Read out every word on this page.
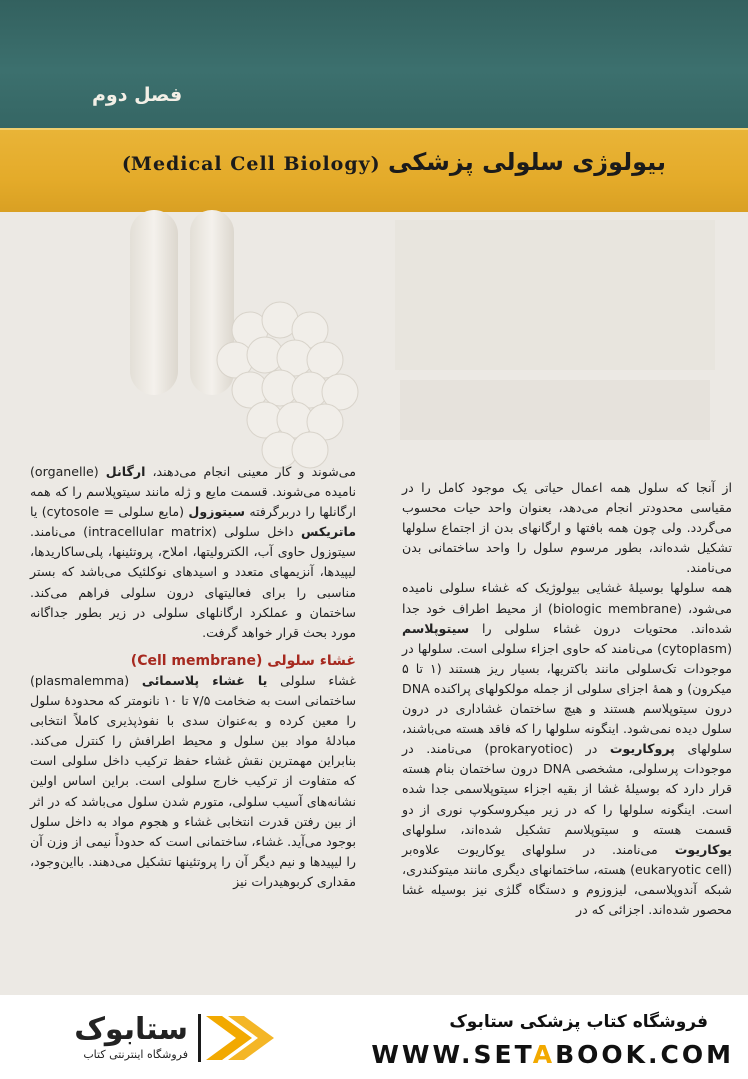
فصل دوم
بیولوژی سلولی پزشکی (Medical Cell Biology)

از آنجا که سلول همه اعمال حیاتی یک موجود کامل را در مقیاسی محدودتر انجام می‌دهد، بعنوان واحد حیات محسوب می‌گردد. ولی چون همه بافتها و ارگانهای بدن از اجتماع سلولها تشکیل شده‌اند، بطور مرسوم سلول را واحد ساختمانی بدن می‌نامند.

همه سلولها بوسیلهٔ غشایی بیولوژیک که غشاء سلولی نامیده می‌شود، (biologic membrane) از محیط اطراف خود جدا شده‌اند. محتویات درون غشاء سلولی را سیتوپلاسم (cytoplasm) می‌نامند که حاوی اجزاء سلولی است. سلولها در موجودات تک‌سلولی مانند باکتریها، بسیار ریز هستند (۱ تا ۵ میکرون) و همهٔ اجزای سلولی از جمله مولکولهای پراکنده DNA درون سیتوپلاسم هستند و هیچ ساختمان غشاداری در درون سلول دیده نمی‌شود. اینگونه سلولها را که فاقد هسته می‌باشند، سلولهای پروکاریوت در (prokaryotioc) می‌نامند. در موجودات پرسلولی، مشخصی DNA درون ساختمان بنام هسته قرار دارد که بوسیلهٔ غشا از بقیه اجزاء سیتوپلاسمی جدا شده است. اینگونه سلولها را که در زیر میکروسکوپ نوری از دو قسمت هسته و سیتوپلاسم تشکیل شده‌اند، سلولهای یوکاریوت می‌نامند. در سلولهای یوکاریوت علاوه‌بر (eukaryotic cell) هسته، ساختمانهای دیگری مانند میتوکندری، شبکه آندوپلاسمی، لیزوزوم و دستگاه گلژی نیز بوسیله غشا محصور شده‌اند. اجزائی که در

می‌شوند و کار معینی انجام می‌دهند، ارگانل (organelle) نامیده می‌شوند. قسمت مایع و ژله مانند سیتوپلاسم را که همه ارگانلها را دربرگرفته سیتوزول (مایع سلولی = cytosole) یا ماتریکس داخل سلولی (intracellular matrix) می‌نامند. سیتوزول حاوی آب، الکترولیتها، املاح، پروتئینها، پلی‌ساکاریدها، لیپیدها، آنزیمهای متعدد و اسیدهای نوکلئیک می‌باشد که بستر مناسبی را برای فعالیتهای درون سلولی فراهم می‌کند. ساختمان و عملکرد ارگانلهای سلولی در زیر بطور جداگانه مورد بحث قرار خواهد گرفت.

غشاء سلولی (Cell membrane)

غشاء سلولی یا غشاء پلاسمائی (plasmalemma) ساختمانی است به ضخامت ۷/۵ تا ۱۰ نانومتر که محدودهٔ سلول را معین کرده و به‌عنوان سدی با نفوذپذیری کاملاً انتخابی مبادلهٔ مواد بین سلول و محیط اطرافش را کنترل می‌کند. بنابراین مهمترین نقش غشاء حفظ ترکیب داخل سلولی است که متفاوت از ترکیب خارج سلولی است. براین اساس اولین نشانه‌های آسیب سلولی، متورم شدن سلول می‌باشد که در اثر از بین رفتن قدرت انتخابی غشاء و هجوم مواد به داخل سلول بوجود می‌آید. غشاء، ساختمانی است که حدوداً نیمی از وزن آن را لیپیدها و نیم دیگر آن را پروتئینها تشکیل می‌دهند. با‌این‌وجود، مقداری کربوهیدرات نیز

ستابوک
فروشگاه اینترنتی کتاب
فروشگاه کتاب پزشکی ستابوک
WWW.SETABOOK.COM
